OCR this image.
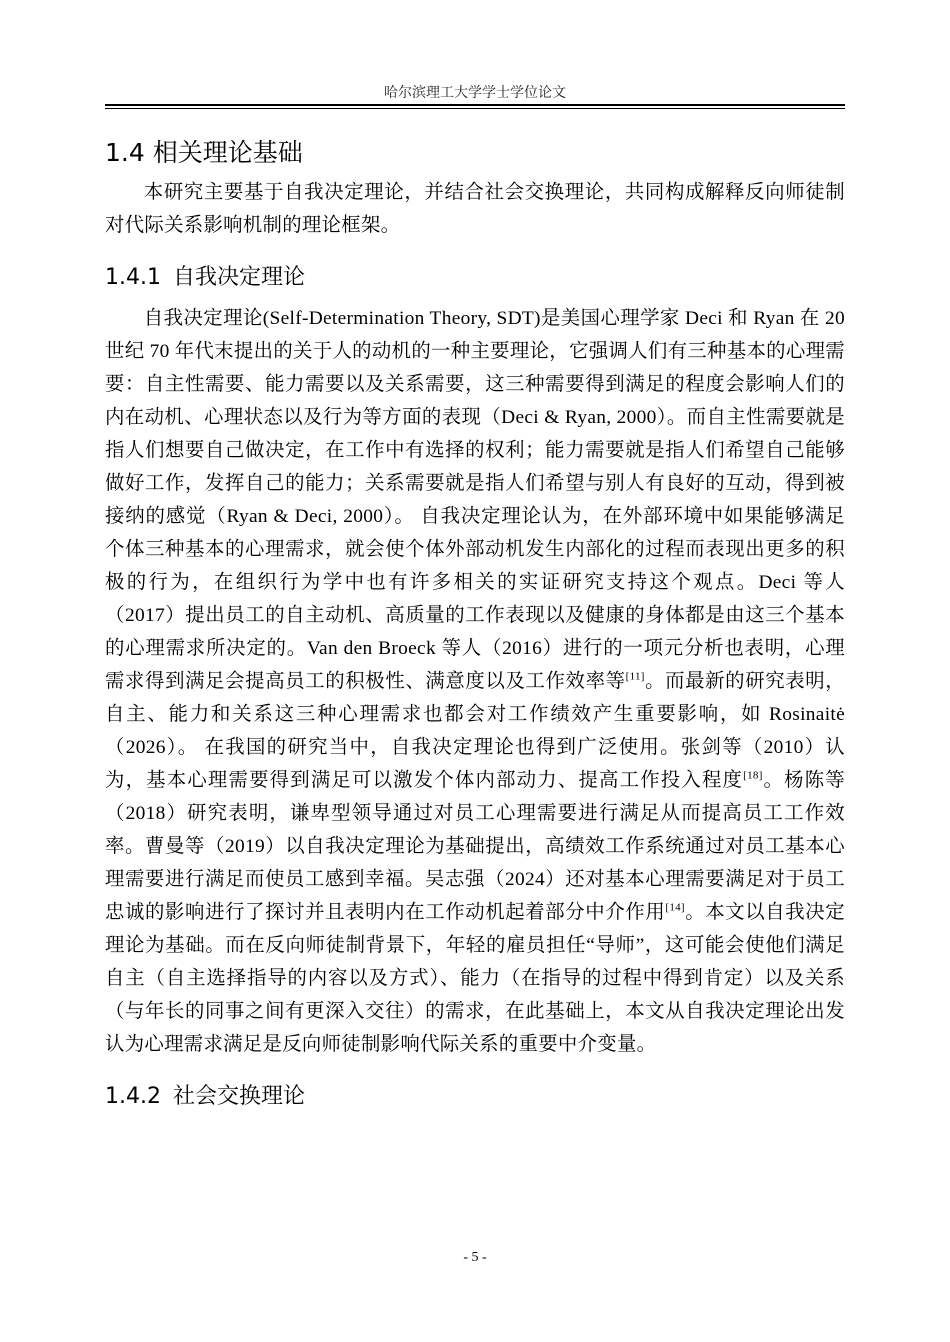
哈尔滨理工大学学士学位论文
1.4 相关理论基础

本研究主要基于自我决定理论，并结合社会交换理论，共同构成解释反向师徒制对代际关系影响机制的理论框架。

1.4.1 自我决定理论

自我决定理论(Self-Determination Theory, SDT)是美国心理学家 Deci 和 Ryan 在 20 世纪 70 年代末提出的关于人的动机的一种主要理论，它强调人们有三种基本的心理需要：自主性需要、能力需要以及关系需要，这三种需要得到满足的程度会影响人们的内在动机、心理状态以及行为等方面的表现（Deci & Ryan, 2000）。而自主性需要就是指人们想要自己做决定，在工作中有选择的权利；能力需要就是指人们希望自己能够做好工作，发挥自己的能力；关系需要就是指人们希望与别人有良好的互动，得到被接纳的感觉（Ryan & Deci, 2000）。 自我决定理论认为，在外部环境中如果能够满足个体三种基本的心理需求，就会使个体外部动机发生内部化的过程而表现出更多的积极的行为，在组织行为学中也有许多相关的实证研究支持这个观点。Deci 等人（2017）提出员工的自主动机、高质量的工作表现以及健康的身体都是由这三个基本的心理需求所决定的。Van den Broeck 等人（2016）进行的一项元分析也表明，心理需求得到满足会提高员工的积极性、满意度以及工作效率等[11]。而最新的研究表明，自主、能力和关系这三种心理需求也都会对工作绩效产生重要影响，如 Rosinaitė（2026）。 在我国的研究当中，自我决定理论也得到广泛使用。张剑等（2010）认为，基本心理需要得到满足可以激发个体内部动力、提高工作投入程度[18]。杨陈等（2018）研究表明，谦卑型领导通过对员工心理需要进行满足从而提高员工工作效率。曹曼等（2019）以自我决定理论为基础提出，高绩效工作系统通过对员工基本心理需要进行满足而使员工感到幸福。吴志强（2024）还对基本心理需要满足对于员工忠诚的影响进行了探讨并且表明内在工作动机起着部分中介作用[14]。本文以自我决定理论为基础。而在反向师徒制背景下，年轻的雇员担任“导师”，这可能会使他们满足自主（自主选择指导的内容以及方式）、能力（在指导的过程中得到肯定）以及关系（与年长的同事之间有更深入交往）的需求，在此基础上，本文从自我决定理论出发认为心理需求满足是反向师徒制影响代际关系的重要中介变量。

1.4.2 社会交换理论
- 5 -
